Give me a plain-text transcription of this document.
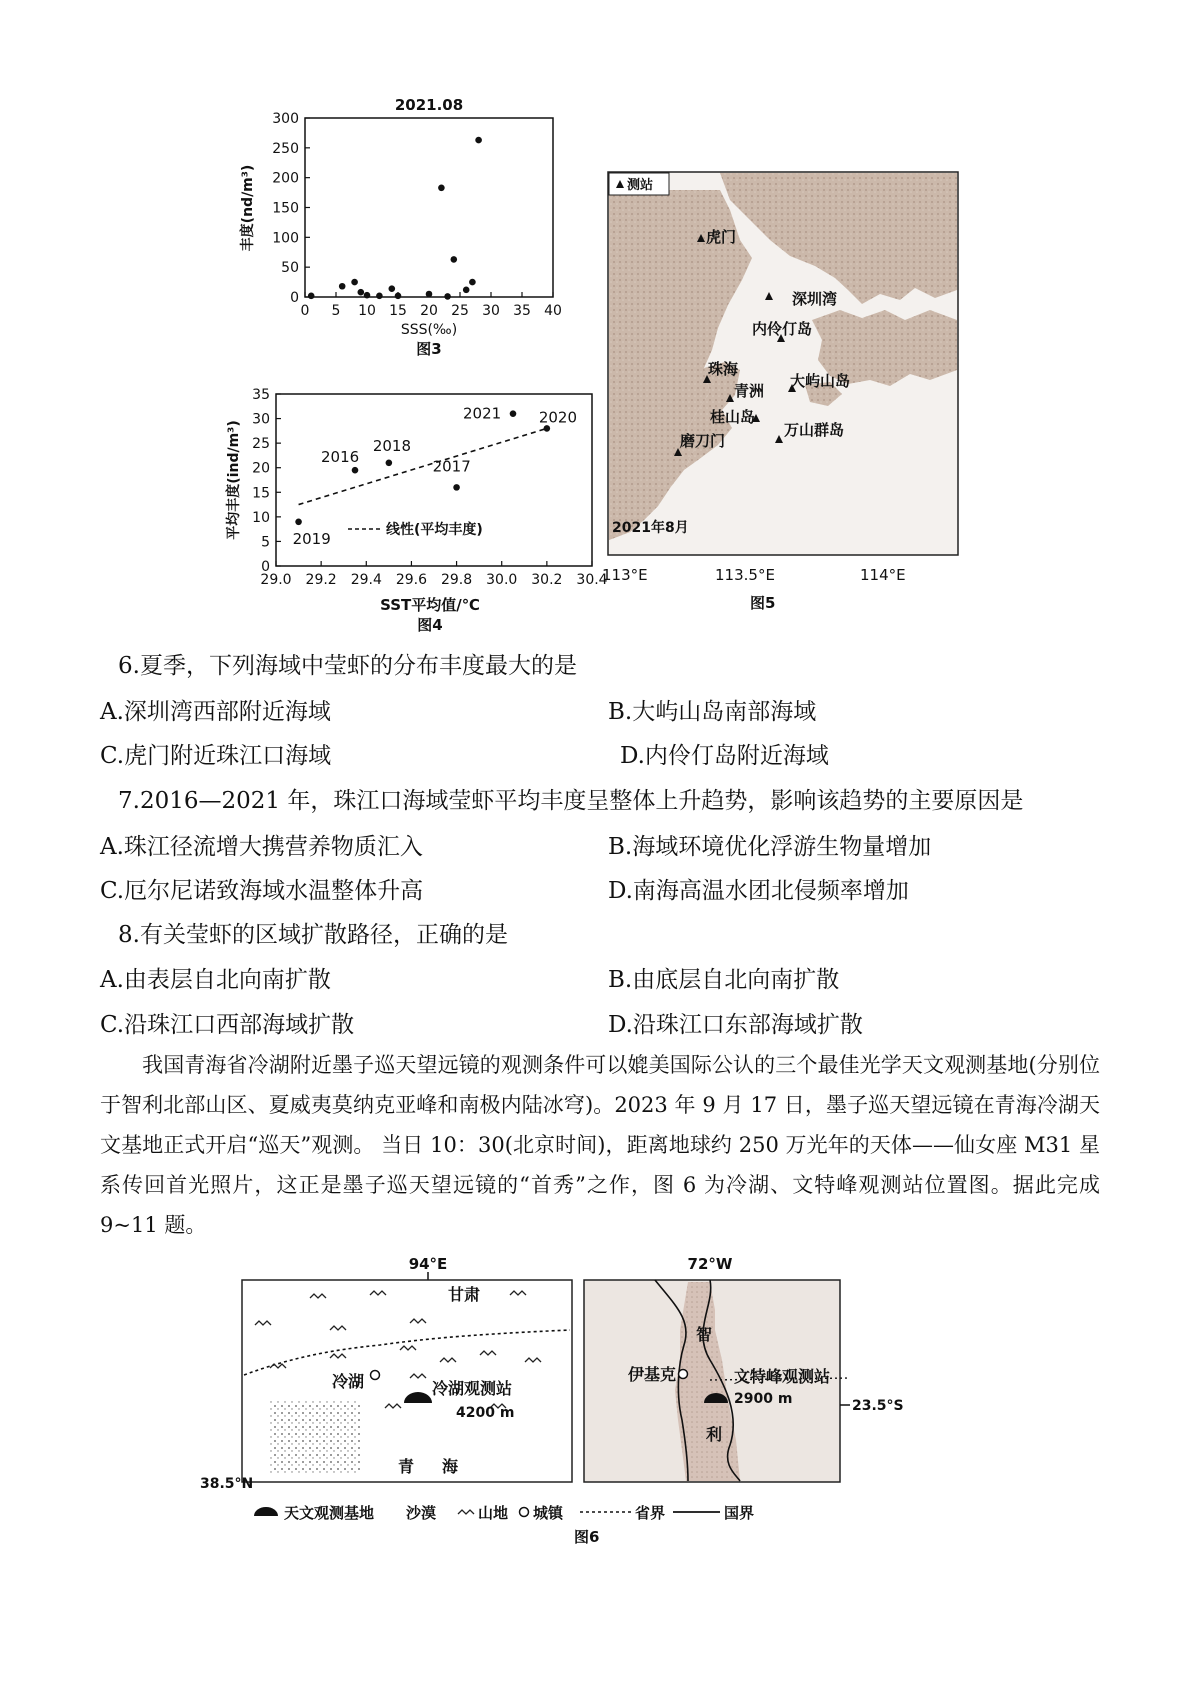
2021.08
0
50
100
150
200
250
300
0 5 10 15 20 25 30 35 40
丰度(nd/m³)
SSS(‰)
图3
0
5
10
15
20
25
30
35
29.0 29.2 29.4 29.6 29.8 30.0 30.2 30.4
2019
2016
2018
2017
2021	2020
线性(平均丰度)
平均丰度(ind/m³)
SST平均值/℃
图4
测站
虎门
深圳湾
内伶仃岛
珠海
青洲
大屿山岛
桂山岛
万山群岛
磨刀门
2021年8月
113°E	113.5°E	114°E
图5
6.夏季，下列海域中莹虾的分布丰度最大的是
A.深圳湾西部附近海域	B.大屿山岛南部海域
C.虎门附近珠江口海域	D.内伶仃岛附近海域
7.2016—2021 年，珠江口海域莹虾平均丰度呈整体上升趋势，影响该趋势的主要原因是
A.珠江径流增大携营养物质汇入	B.海域环境优化浮游生物量增加
C.厄尔尼诺致海域水温整体升高	D.南海高温水团北侵频率增加
8.有关莹虾的区域扩散路径，正确的是
A.由表层自北向南扩散	B.由底层自北向南扩散
C.沿珠江口西部海域扩散	D.沿珠江口东部海域扩散
我国青海省冷湖附近墨子巡天望远镜的观测条件可以媲美国际公认的三个最佳光学天文观测基地(分别位于智利北部山区、夏威夷莫纳克亚峰和南极内陆冰穹)。2023 年 9 月 17 日，墨子巡天望远镜在青海冷湖天文基地正式开启“巡天”观测。 当日 10：30(北京时间)，距离地球约 250 万光年的天体——仙女座 M31 星系传回首光照片，这正是墨子巡天望远镜的“首秀”之作，图 6 为冷湖、文特峰观测站位置图。据此完成 9~11 题。
94°E
甘肃
冷湖	冷湖观测站
4200 m
青 海
38.5°N
72°W
智
伊基克	文特峰观测站
2900 m
利
23.5°S
天文观测基地 沙漠	山地 城镇	省界	国界
图6
